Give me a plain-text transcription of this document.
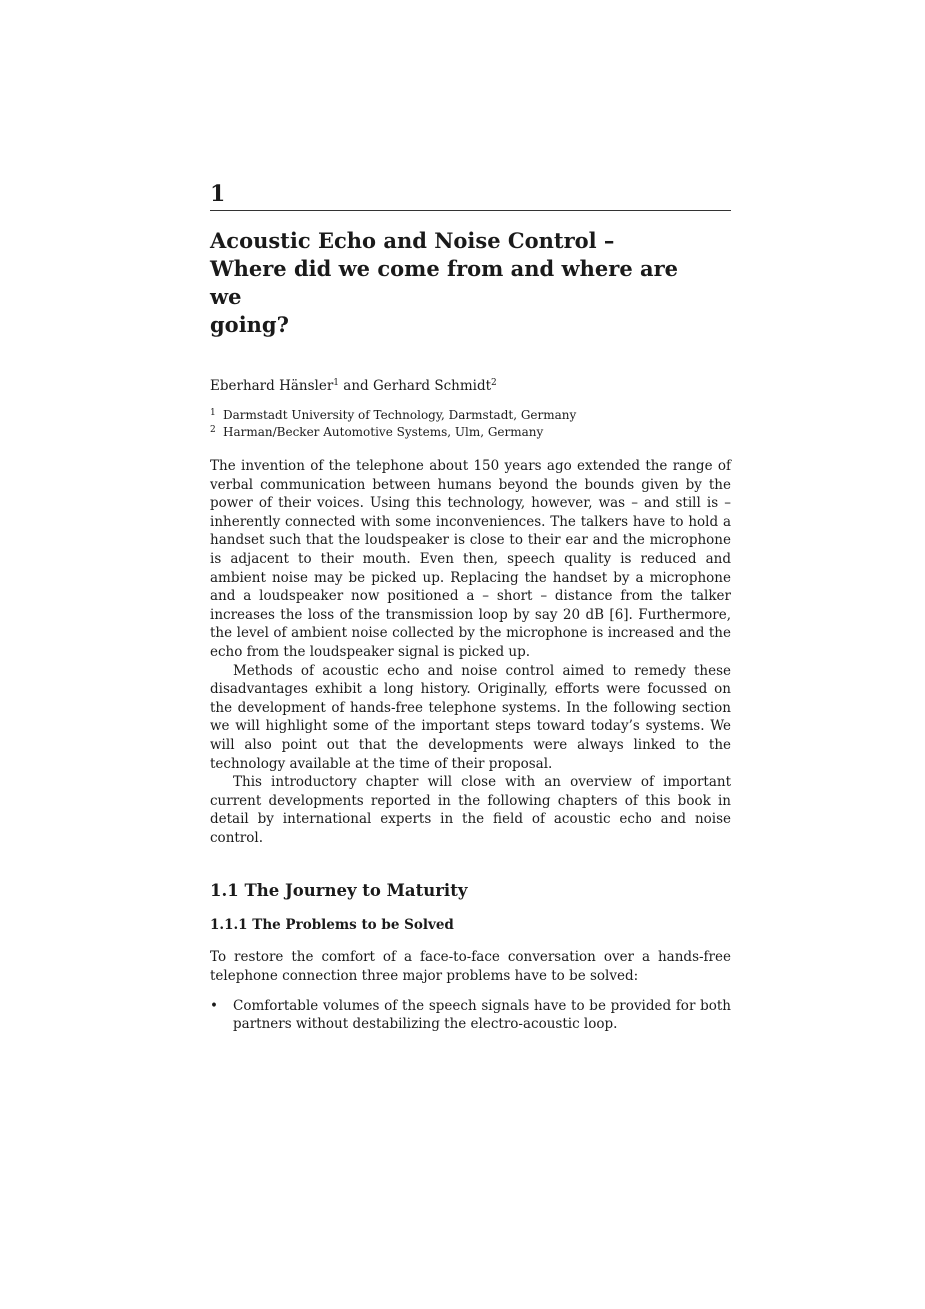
1
Acoustic Echo and Noise Control –
Where did we come from and where are we
going?

Eberhard Hänsler$^1$ and Gerhard Schmidt$^2$

1 Darmstadt University of Technology, Darmstadt, Germany
2 Harman/Becker Automotive Systems, Ulm, Germany

The invention of the telephone about 150 years ago extended the range of verbal communication between humans beyond the bounds given by the power of their voices. Using this technology, however, was – and still is – inherently connected with some inconveniences. The talkers have to hold a handset such that the loudspeaker is close to their ear and the microphone is adjacent to their mouth. Even then, speech quality is reduced and ambient noise may be picked up. Replacing the handset by a microphone and a loudspeaker now positioned a – short – distance from the talker increases the loss of the transmission loop by say 20 dB [6]. Furthermore, the level of ambient noise collected by the microphone is increased and the echo from the loudspeaker signal is picked up.

Methods of acoustic echo and noise control aimed to remedy these disadvantages exhibit a long history. Originally, efforts were focussed on the development of hands-free telephone systems. In the following section we will highlight some of the important steps toward today’s systems. We will also point out that the developments were always linked to the technology available at the time of their proposal.

This introductory chapter will close with an overview of important current developments reported in the following chapters of this book in detail by international experts in the field of acoustic echo and noise control.

1.1 The Journey to Maturity
1.1.1 The Problems to be Solved

To restore the comfort of a face-to-face conversation over a hands-free telephone connection three major problems have to be solved:

• Comfortable volumes of the speech signals have to be provided for both partners without destabilizing the electro-acoustic loop.
